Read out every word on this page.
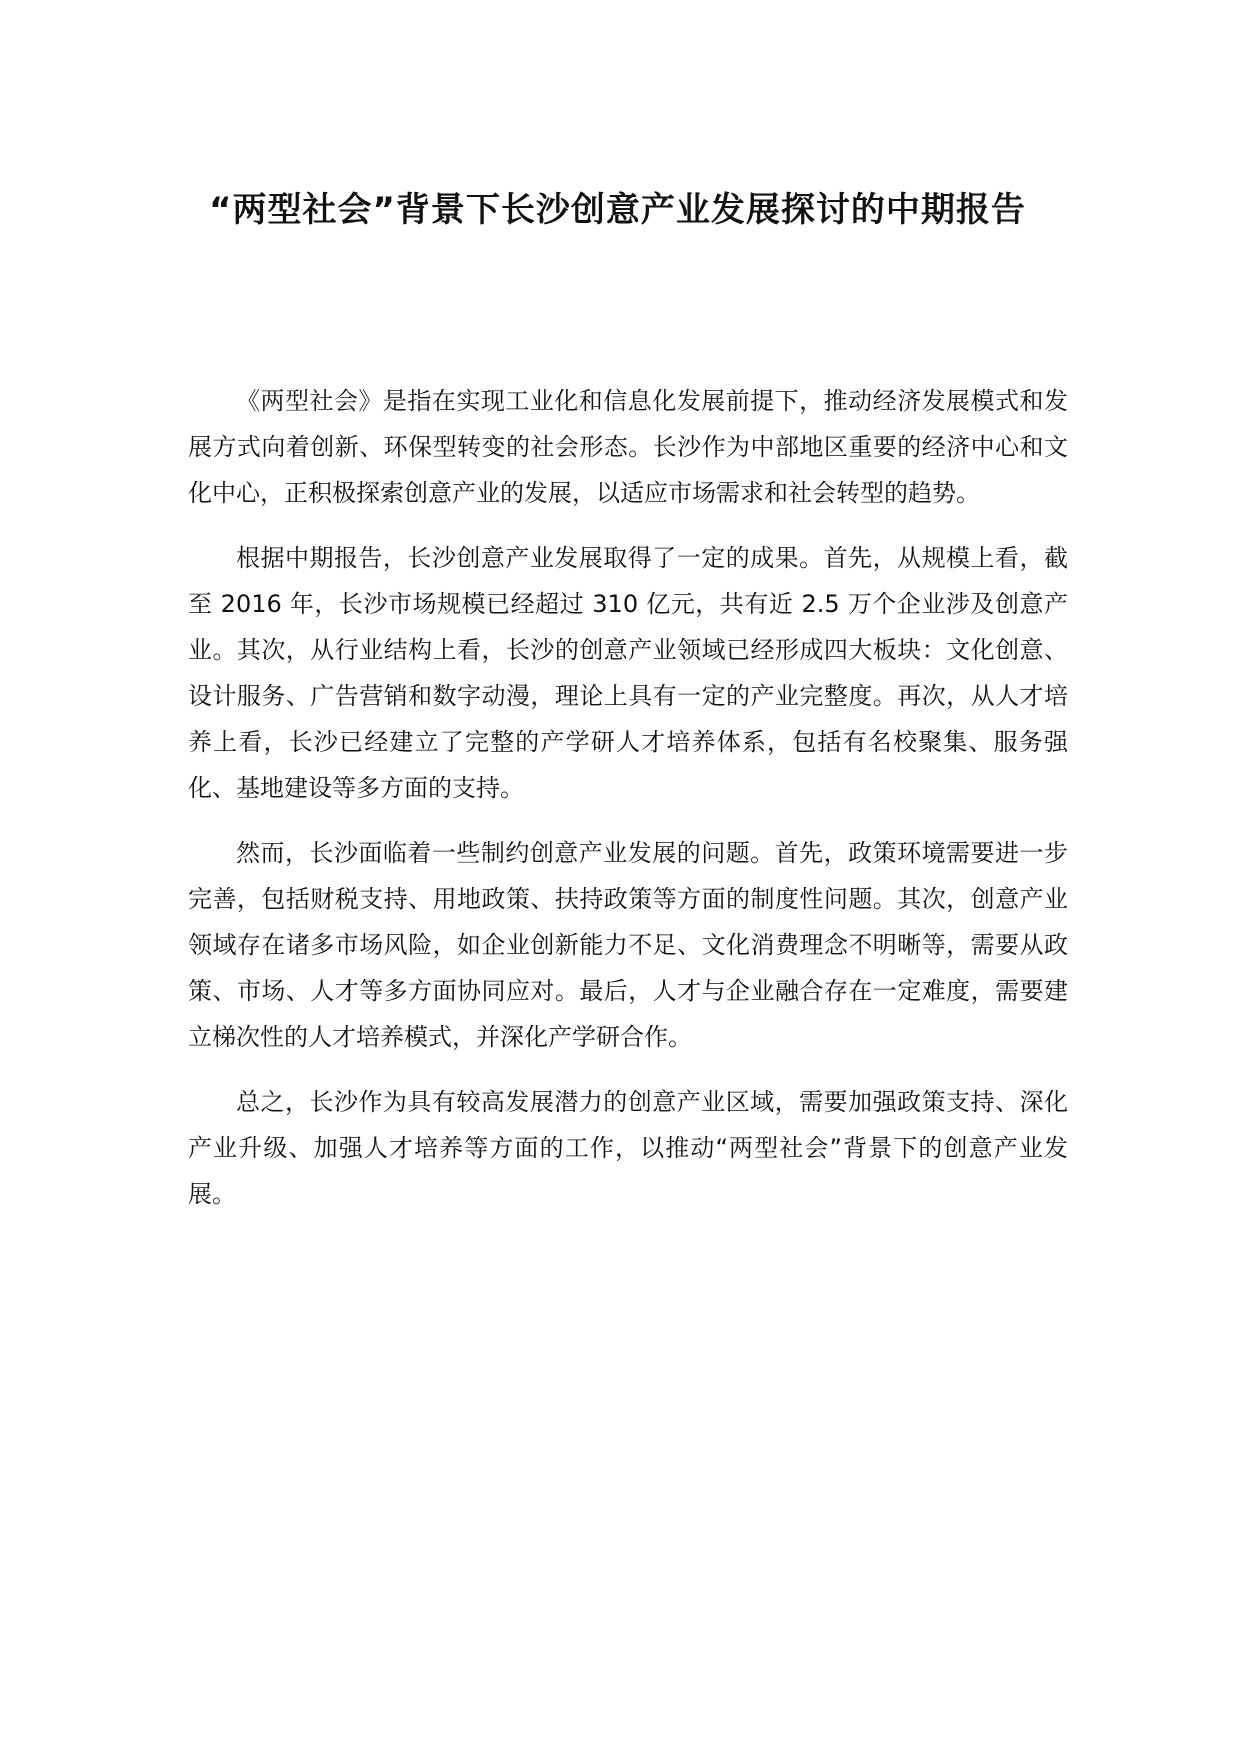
“两型社会”背景下长沙创意产业发展探讨的中期报告

《两型社会》是指在实现工业化和信息化发展前提下，推动经济发展模式和发展方式向着创新、环保型转变的社会形态。长沙作为中部地区重要的经济中心和文化中心，正积极探索创意产业的发展，以适应市场需求和社会转型的趋势。

根据中期报告，长沙创意产业发展取得了一定的成果。首先，从规模上看，截至 2016 年，长沙市场规模已经超过 310 亿元，共有近 2.5 万个企业涉及创意产业。其次，从行业结构上看，长沙的创意产业领域已经形成四大板块：文化创意、设计服务、广告营销和数字动漫，理论上具有一定的产业完整度。再次，从人才培养上看，长沙已经建立了完整的产学研人才培养体系，包括有名校聚集、服务强化、基地建设等多方面的支持。

然而，长沙面临着一些制约创意产业发展的问题。首先，政策环境需要进一步完善，包括财税支持、用地政策、扶持政策等方面的制度性问题。其次，创意产业领域存在诸多市场风险，如企业创新能力不足、文化消费理念不明晰等，需要从政策、市场、人才等多方面协同应对。最后，人才与企业融合存在一定难度，需要建立梯次性的人才培养模式，并深化产学研合作。

总之，长沙作为具有较高发展潜力的创意产业区域，需要加强政策支持、深化产业升级、加强人才培养等方面的工作，以推动“两型社会”背景下的创意产业发展。
